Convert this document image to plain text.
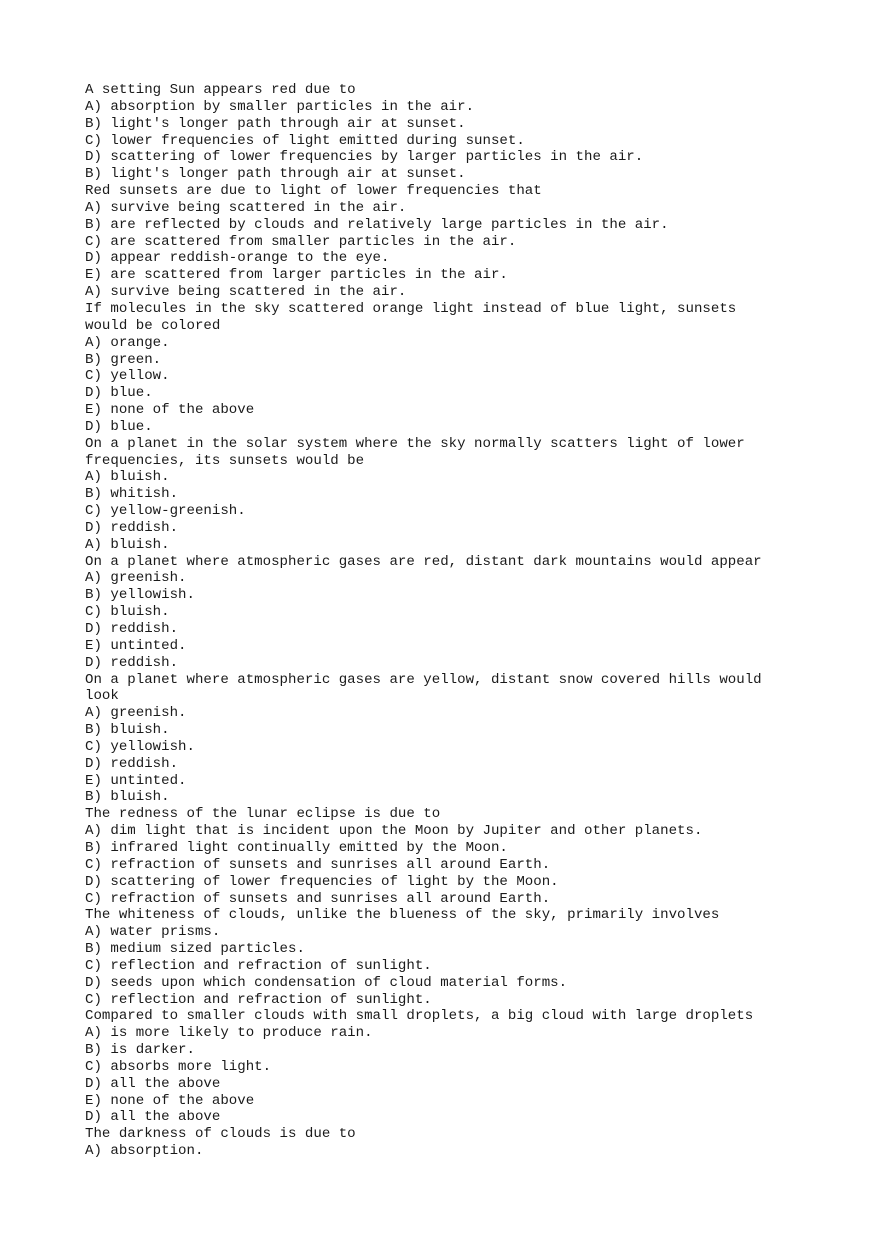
A setting Sun appears red due to
A) absorption by smaller particles in the air.
B) light's longer path through air at sunset.
C) lower frequencies of light emitted during sunset.
D) scattering of lower frequencies by larger particles in the air.
B) light's longer path through air at sunset.
Red sunsets are due to light of lower frequencies that
A) survive being scattered in the air.
B) are reflected by clouds and relatively large particles in the air.
C) are scattered from smaller particles in the air.
D) appear reddish-orange to the eye.
E) are scattered from larger particles in the air.
A) survive being scattered in the air.
If molecules in the sky scattered orange light instead of blue light, sunsets
would be colored
A) orange.
B) green.
C) yellow.
D) blue.
E) none of the above
D) blue.
On a planet in the solar system where the sky normally scatters light of lower
frequencies, its sunsets would be
A) bluish.
B) whitish.
C) yellow-greenish.
D) reddish.
A) bluish.
On a planet where atmospheric gases are red, distant dark mountains would appear
A) greenish.
B) yellowish.
C) bluish.
D) reddish.
E) untinted.
D) reddish.
On a planet where atmospheric gases are yellow, distant snow covered hills would
look
A) greenish.
B) bluish.
C) yellowish.
D) reddish.
E) untinted.
B) bluish.
The redness of the lunar eclipse is due to
A) dim light that is incident upon the Moon by Jupiter and other planets.
B) infrared light continually emitted by the Moon.
C) refraction of sunsets and sunrises all around Earth.
D) scattering of lower frequencies of light by the Moon.
C) refraction of sunsets and sunrises all around Earth.
The whiteness of clouds, unlike the blueness of the sky, primarily involves
A) water prisms.
B) medium sized particles.
C) reflection and refraction of sunlight.
D) seeds upon which condensation of cloud material forms.
C) reflection and refraction of sunlight.
Compared to smaller clouds with small droplets, a big cloud with large droplets
A) is more likely to produce rain.
B) is darker.
C) absorbs more light.
D) all the above
E) none of the above
D) all the above
The darkness of clouds is due to
A) absorption.
